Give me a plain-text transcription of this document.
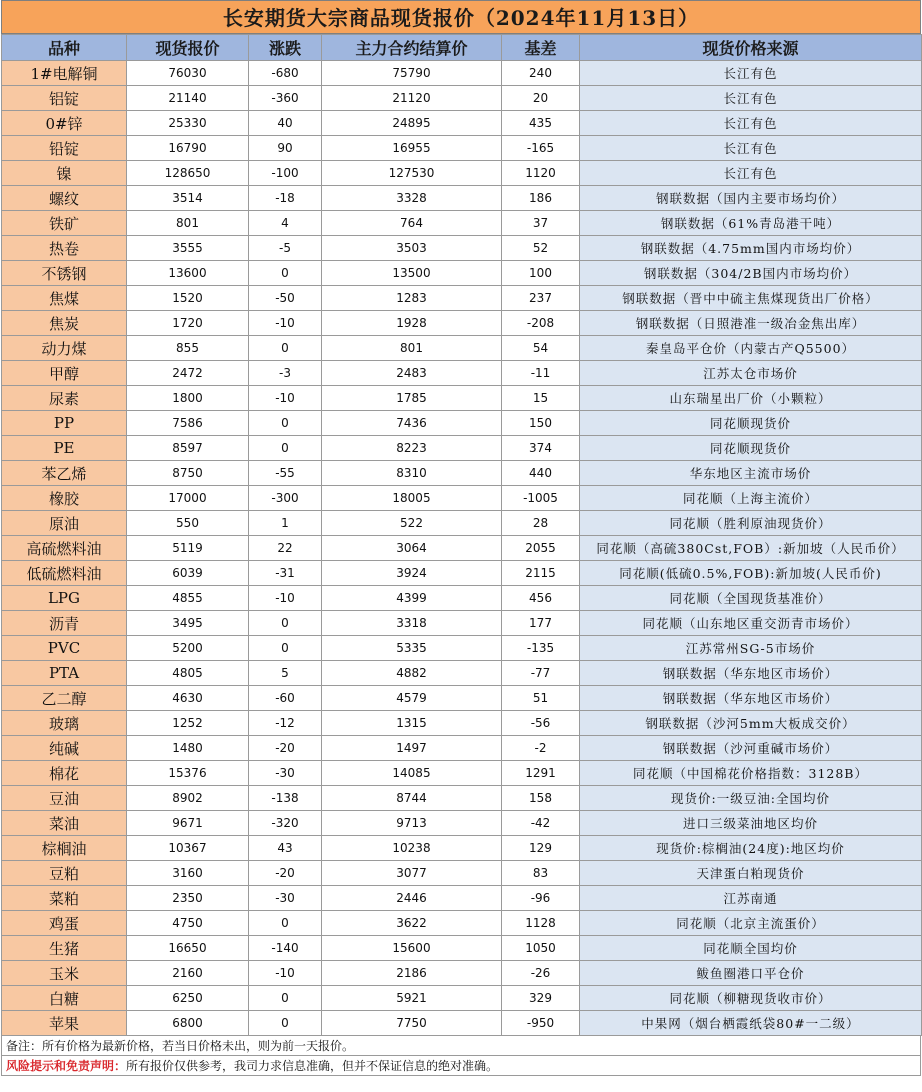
长安期货大宗商品现货报价（2024年11月13日）
品种	现货报价	涨跌	主力合约结算价	基差	现货价格来源
1#电解铜	76030	-680	75790	240	长江有色
铝锭	21140	-360	21120	20	长江有色
0#锌	25330	40	24895	435	长江有色
铅锭	16790	90	16955	-165	长江有色
镍	128650	-100	127530	1120	长江有色
螺纹	3514	-18	3328	186	钢联数据（国内主要市场均价）
铁矿	801	4	764	37	钢联数据（61%青岛港干吨）
热卷	3555	-5	3503	52	钢联数据（4.75mm国内市场均价）
不锈钢	13600	0	13500	100	钢联数据（304/2B国内市场均价）
焦煤	1520	-50	1283	237	钢联数据（晋中中硫主焦煤现货出厂价格）
焦炭	1720	-10	1928	-208	钢联数据（日照港准一级冶金焦出库）
动力煤	855	0	801	54	秦皇岛平仓价（内蒙古产Q5500）
甲醇	2472	-3	2483	-11	江苏太仓市场价
尿素	1800	-10	1785	15	山东瑞星出厂价（小颗粒）
PP	7586	0	7436	150	同花顺现货价
PE	8597	0	8223	374	同花顺现货价
苯乙烯	8750	-55	8310	440	华东地区主流市场价
橡胶	17000	-300	18005	-1005	同花顺（上海主流价）
原油	550	1	522	28	同花顺（胜利原油现货价）
高硫燃料油	5119	22	3064	2055	同花顺（高硫380Cst,FOB）:新加坡（人民币价）
低硫燃料油	6039	-31	3924	2115	同花顺(低硫0.5%,FOB):新加坡(人民币价)
LPG	4855	-10	4399	456	同花顺（全国现货基准价）
沥青	3495	0	3318	177	同花顺（山东地区重交沥青市场价）
PVC	5200	0	5335	-135	江苏常州SG-5市场价
PTA	4805	5	4882	-77	钢联数据（华东地区市场价）
乙二醇	4630	-60	4579	51	钢联数据（华东地区市场价）
玻璃	1252	-12	1315	-56	钢联数据（沙河5mm大板成交价）
纯碱	1480	-20	1497	-2	钢联数据（沙河重碱市场价）
棉花	15376	-30	14085	1291	同花顺（中国棉花价格指数：3128B）
豆油	8902	-138	8744	158	现货价:一级豆油:全国均价
菜油	9671	-320	9713	-42	进口三级菜油地区均价
棕榈油	10367	43	10238	129	现货价:棕榈油(24度):地区均价
豆粕	3160	-20	3077	83	天津蛋白粕现货价
菜粕	2350	-30	2446	-96	江苏南通
鸡蛋	4750	0	3622	1128	同花顺（北京主流蛋价）
生猪	16650	-140	15600	1050	同花顺全国均价
玉米	2160	-10	2186	-26	鲅鱼圈港口平仓价
白糖	6250	0	5921	329	同花顺（柳糖现货收市价）
苹果	6800	0	7750	-950	中果网（烟台栖霞纸袋80#一二级）
备注：所有价格为最新价格，若当日价格未出，则为前一天报价。
风险提示和免责声明：所有报价仅供参考，我司力求信息准确，但并不保证信息的绝对准确。
